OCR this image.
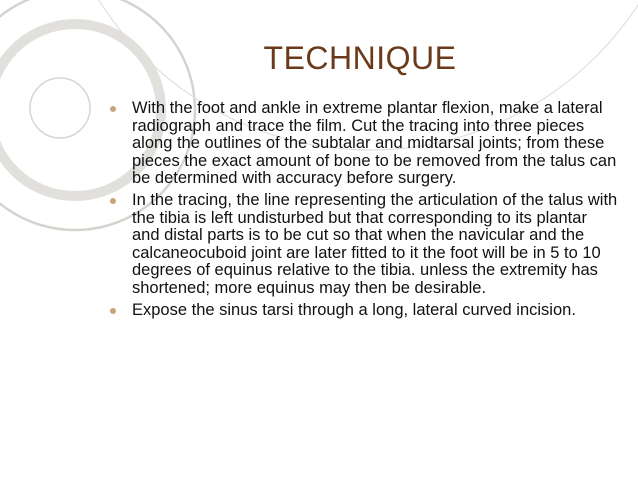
TECHNIQUE
With the foot and ankle in extreme plantar flexion, make a lateral radiograph and trace the film. Cut the tracing into three pieces along the outlines of the subtalar and midtarsal joints; from these pieces the exact amount of bone to be removed from the talus can be determined with accuracy before surgery.
In the tracing, the line representing the articulation of the talus with the tibia is left undisturbed but that corresponding to its plantar and distal parts is to be cut so that when the navicular and the calcaneocuboid joint are later fitted to it the foot will be in 5 to 10 degrees of equinus relative to the tibia. unless the extremity has shortened; more equinus may then be desirable.
Expose the sinus tarsi through a long, lateral curved incision.
